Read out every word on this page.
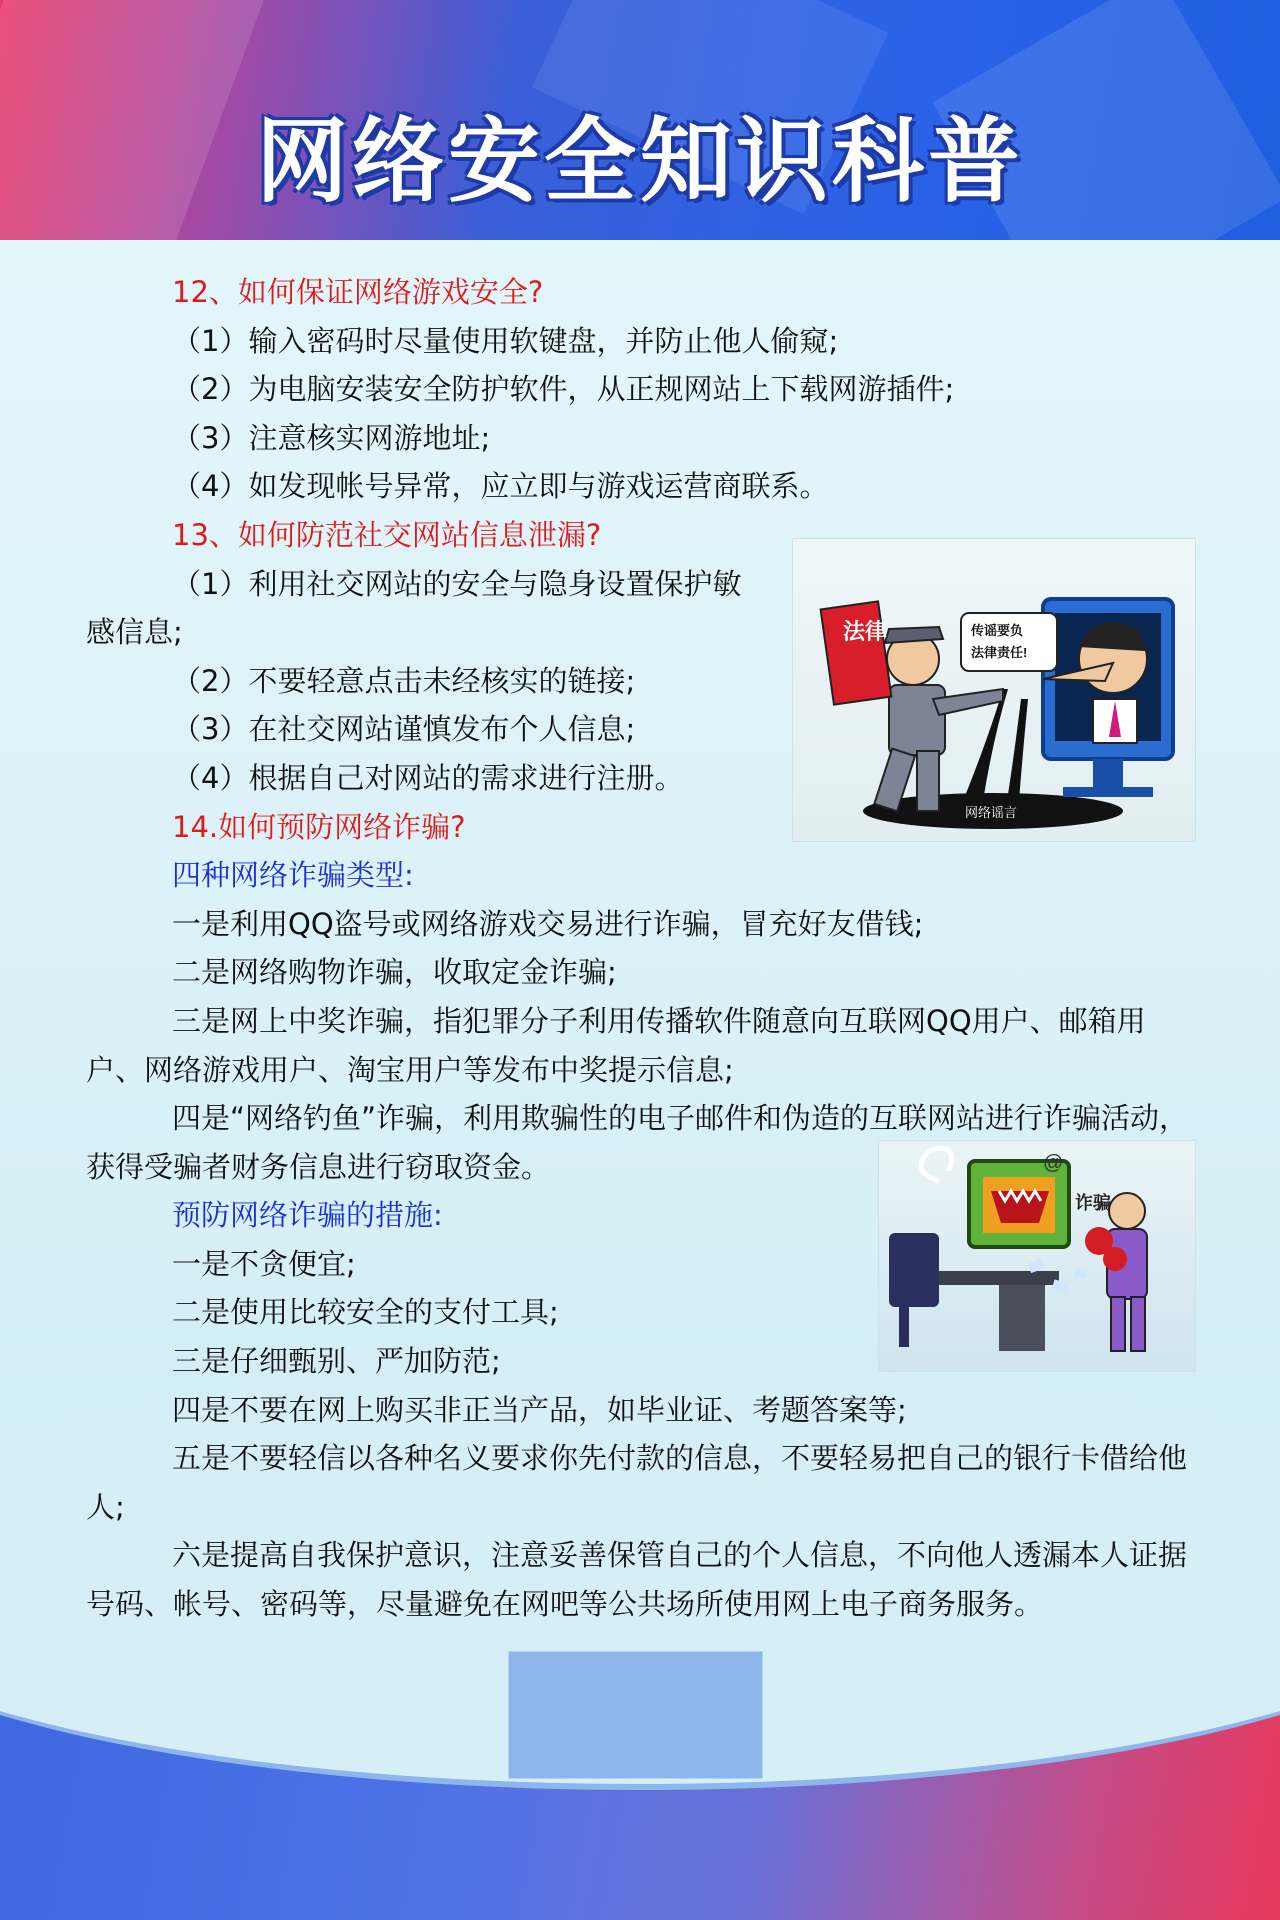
网络安全知识科普

12、如何保证网络游戏安全?

（1）输入密码时尽量使用软键盘，并防止他人偷窥;

（2）为电脑安装安全防护软件，从正规网站上下载网游插件;

（3）注意核实网游地址;

（4）如发现帐号异常，应立即与游戏运营商联系。

13、如何防范社交网站信息泄漏?

（1）利用社交网站的安全与隐身设置保护敏

感信息;

（2）不要轻意点击未经核实的链接;

（3）在社交网站谨慎发布个人信息;

（4）根据自己对网站的需求进行注册。

14.如何预防网络诈骗?

四种网络诈骗类型:

一是利用QQ盗号或网络游戏交易进行诈骗，冒充好友借钱;

二是网络购物诈骗，收取定金诈骗;

三是网上中奖诈骗，指犯罪分子利用传播软件随意向互联网QQ用户、邮箱用户、网络游戏用户、淘宝用户等发布中奖提示信息;

四是“网络钓鱼”诈骗，利用欺骗性的电子邮件和伪造的互联网站进行诈骗活动，获得受骗者财务信息进行窃取资金。

预防网络诈骗的措施:

一是不贪便宜;

二是使用比较安全的支付工具;

三是仔细甄别、严加防范;

四是不要在网上购买非正当产品，如毕业证、考题答案等;

五是不要轻信以各种名义要求你先付款的信息，不要轻易把自己的银行卡借给他人;

六是提高自我保护意识，注意妥善保管自己的个人信息，不向他人透漏本人证据号码、帐号、密码等，尽量避免在网吧等公共场所使用网上电子商务服务。

法律	传谣要负
法律责任!
网络谣言
@
诈骗
